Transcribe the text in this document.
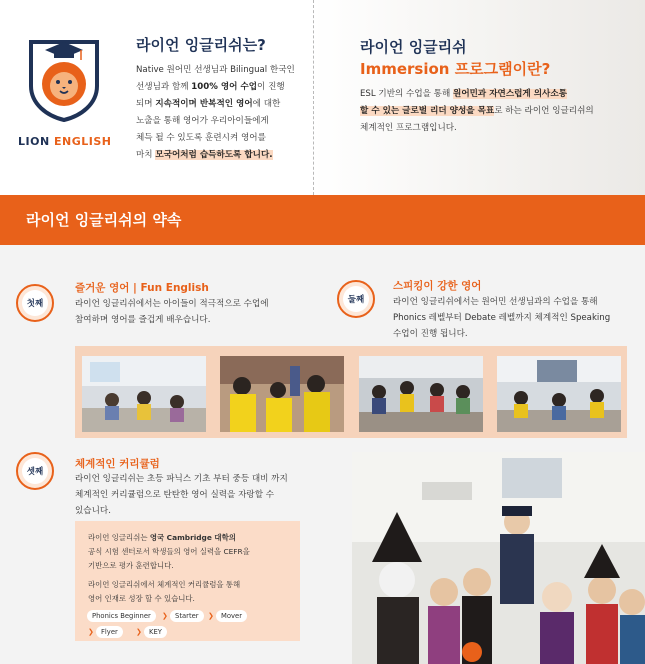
LION ENGLISH
라이언 잉글리쉬는?
Native 원어민 선생님과 Bilingual 한국인
선생님과 함께 100% 영어 수업이 진행
되며 지속적이며 반복적인 영어에 대한
노출을 통해 영어가 우리아이들에게
체득 될 수 있도록 훈련시켜 영어를
마치 모국어처럼 습득하도록 합니다.
라이언 잉글리쉬
Immersion 프로그램이란?
ESL 기반의 수업을 통해 원어민과 자연스럽게 의사소통
할 수 있는 글로벌 리더 양성을 목표로 하는 라이언 잉글리쉬의
체계적인 프로그램입니다.
라이언 잉글리쉬의 약속
첫째
즐거운 영어 | Fun English
라이언 잉글리쉬에서는 아이들이 적극적으로 수업에
참여하며 영어를 즐겁게 배우습니다.
둘째
스피킹이 강한 영어
라이언 잉글리쉬에서는 원어민 선생님과의 수업을 통해
Phonics 레벨부터 Debate 레벨까지 체계적인 Speaking
수업이 진행 됩니다.
셋째
체계적인 커리큘럼
라이언 잉글리쉬는 초등 파닉스 기초 부터 중등 대비 까지
체계적인 커리큘럼으로 탄탄한 영어 실력을 자랑할 수
있습니다.
라이언 잉글리쉬는 영국 Cambridge 대학의
공식 시험 센터로서 학생들의 영어 실력을 CEFR을
기반으로 평가 훈련합니다.
라이언 잉글리쉬에서 체계적인 커리큘럼을 통해
영어 인재로 성장 할 수 있습니다.
Phonics Beginner	❯	Starter	❯	Mover
❯	Flyer	❯	KEY
